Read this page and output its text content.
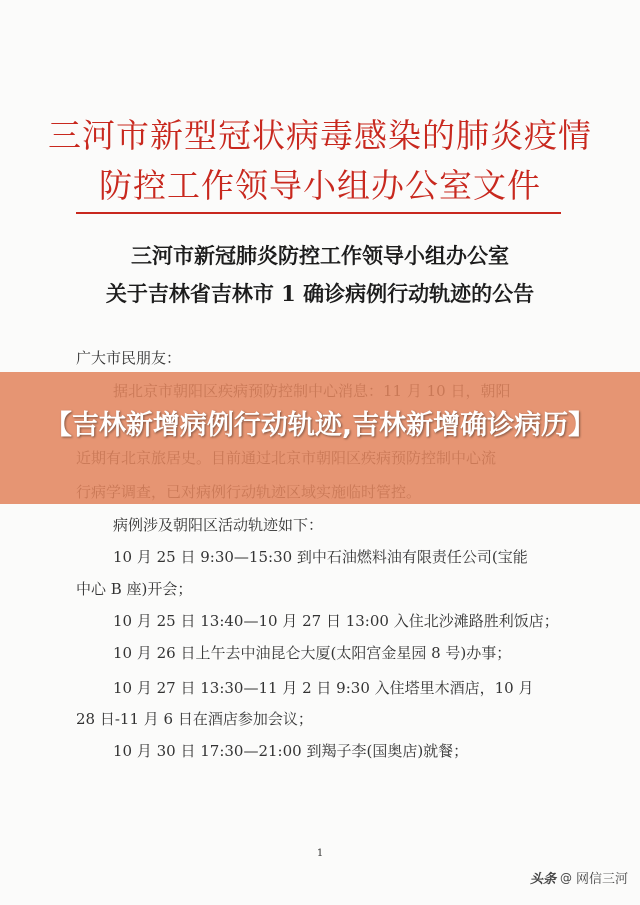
三河市新型冠状病毒感染的肺炎疫情
防控工作领导小组办公室文件
三河市新冠肺炎防控工作领导小组办公室
关于吉林省吉林市 1 确诊病例行动轨迹的公告
广大市民朋友：
病例涉及朝阳区活动轨迹如下：
10 月 25 日 9:30—15:30 到中石油燃料油有限责任公司(宝能
中心 B 座)开会；
10 月 25 日 13:40—10 月 27 日 13:00 入住北沙滩路胜利饭店；
10 月 26 日上午去中油昆仑大厦(太阳宫金星园 8 号)办事；
10 月 27 日 13:30—11 月 2 日 9:30 入住塔里木酒店，10 月
28 日-11 月 6 日在酒店参加会议；
10 月 30 日 17:30—21:00 到羯子李(国奥店)就餐；
1
【吉林新增病例行动轨迹,吉林新增确诊病历】
头条 @ 网信三河
